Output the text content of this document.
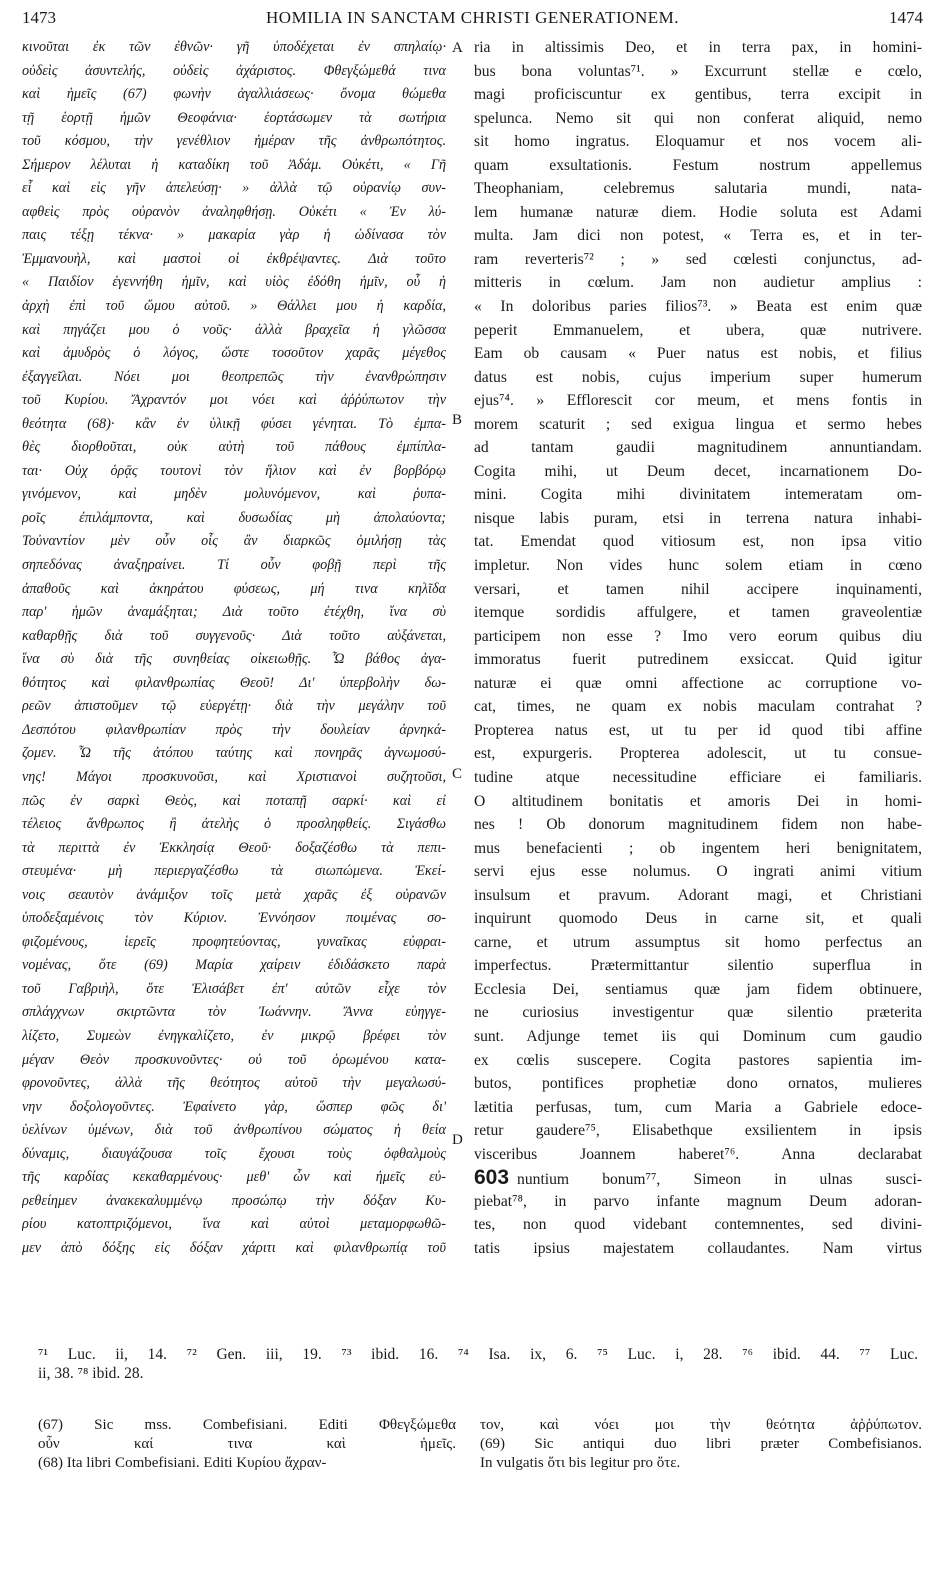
1473	HOMILIA IN SANCTAM CHRISTI GENERATIONEM.	1474
κινοῦται ἐκ τῶν ἐθνῶν· γῆ ὑποδέχεται ἐν σπηλαίῳ·
οὐδεὶς ἀσυντελής, οὐδεὶς ἀχάριστος. Φθεγξώμεθά τινα
καὶ ἡμεῖς (67) φωνὴν ἀγαλλιάσεως· ὄνομα θώμεθα
τῇ ἑορτῇ ἡμῶν Θεοφάνια· ἑορτάσωμεν τὰ σωτήρια
τοῦ κόσμου, τὴν γενέθλιον ἡμέραν τῆς ἀνθρωπότητος.
Σήμερον λέλυται ἡ καταδίκη τοῦ Ἀδάμ. Οὐκέτι, « Γῆ
εἶ καὶ εἰς γῆν ἀπελεύσῃ· » ἀλλὰ τῷ οὐρανίῳ συν-
αφθεὶς πρὸς οὐρανὸν ἀναληφθήσῃ. Οὐκέτι « Ἐν λύ-
παις τέξῃ τέκνα· » μακαρία γὰρ ἡ ὠδίνασα τὸν
Ἐμμανουὴλ, καὶ μαστοὶ οἱ ἐκθρέψαντες. Διὰ τοῦτο
« Παιδίον ἐγεννήθη ἡμῖν, καὶ υἱὸς ἐδόθη ἡμῖν, οὗ ἡ
ἀρχὴ ἐπὶ τοῦ ὤμου αὐτοῦ. » Θάλλει μου ἡ καρδία,
καὶ πηγάζει μου ὁ νοῦς· ἀλλὰ βραχεῖα ἡ γλῶσσα
καὶ ἀμυδρὸς ὁ λόγος, ὥστε τοσοῦτον χαρᾶς μέγεθος
ἐξαγγεῖλαι. Νόει μοι θεοπρεπῶς τὴν ἐνανθρώπησιν
τοῦ Κυρίου. Ἄχραντόν μοι νόει καὶ ἀῤῥύπωτον τὴν
θεότητα (68)· κἂν ἐν ὑλικῇ φύσει γένηται. Τὸ ἐμπα-
θὲς διορθοῦται, οὐκ αὐτὴ τοῦ πάθους ἐμπίπλα-
ται· Οὐχ ὁρᾷς τουτονὶ τὸν ἥλιον καὶ ἐν βορβόρῳ
γινόμενον, καὶ μηδὲν μολυνόμενον, καὶ ῥυπα-
ροῖς ἐπιλάμποντα, καὶ δυσωδίας μὴ ἀπολαύοντα;
Τοὐναντίον μὲν οὖν οἷς ἂν διαρκῶς ὁμιλήσῃ τὰς
σηπεδόνας ἀναξηραίνει. Τί οὖν φοβῇ περὶ τῆς
ἀπαθοῦς καὶ ἀκηράτου φύσεως, μή τινα κηλῖδα
παρ' ἡμῶν ἀναμάξηται; Διὰ τοῦτο ἐτέχθη, ἵνα σὺ
καθαρθῇς διὰ τοῦ συγγενοῦς· Διὰ τοῦτο αὐξάνεται,
ἵνα σὺ διὰ τῆς συνηθείας οἰκειωθῇς. Ὦ βάθος ἀγα-
θότητος καὶ φιλανθρωπίας Θεοῦ! Δι' ὑπερβολὴν δω-
ρεῶν ἀπιστοῦμεν τῷ εὐεργέτῃ· διὰ τὴν μεγάλην τοῦ
Δεσπότου φιλανθρωπίαν πρὸς τὴν δουλείαν ἀρνηκά-
ζομεν. Ὦ τῆς ἀτόπου ταύτης καὶ πονηρᾶς ἀγνωμοσύ-
νης! Μάγοι προσκυνοῦσι, καὶ Χριστιανοὶ συζητοῦσι,
πῶς ἐν σαρκὶ Θεὸς, καὶ ποταπῇ σαρκί· καὶ εἰ
τέλειος ἄνθρωπος ἢ ἀτελὴς ὁ προσληφθείς. Σιγάσθω
τὰ περιττὰ ἐν Ἐκκλησίᾳ Θεοῦ· δοξαζέσθω τὰ πεπι-
στευμένα· μὴ περιεργαζέσθω τὰ σιωπώμενα. Ἐκεί-
νοις σεαυτὸν ἀνάμιξον τοῖς μετὰ χαρᾶς ἐξ οὐρανῶν
ὑποδεξαμένοις τὸν Κύριον. Ἐννόησον ποιμένας σο-
φιζομένους, ἱερεῖς προφητεύοντας, γυναῖκας εὐφραι-
νομένας, ὅτε (69) Μαρία χαίρειν ἐδιδάσκετο παρὰ
τοῦ Γαβριὴλ, ὅτε Ἐλισάβετ ἐπ' αὐτῶν εἶχε τὸν
σπλάγχνων σκιρτῶντα τὸν Ἰωάννην. Ἄννα εὐηγγε-
λίζετο, Συμεὼν ἐνηγκαλίζετο, ἐν μικρῷ βρέφει τὸν
μέγαν Θεὸν προσκυνοῦντες· οὐ τοῦ ὁρωμένου κατα-
φρονοῦντες, ἀλλὰ τῆς θεότητος αὐτοῦ τὴν μεγαλωσύ-
νην δοξολογοῦντες. Ἐφαίνετο γὰρ, ὥσπερ φῶς δι'
ὑελίνων ὑμένων, διὰ τοῦ ἀνθρωπίνου σώματος ἡ θεία
δύναμις, διαυγάζουσα τοῖς ἔχουσι τοὺς ὀφθαλμοὺς
τῆς καρδίας κεκαθαρμένους· μεθ' ὧν καὶ ἡμεῖς εὐ-
ρεθείημεν ἀνακεκαλυμμένῳ προσώπῳ τὴν δόξαν Κυ-
ρίου κατοπτριζόμενοι, ἵνα καὶ αὐτοὶ μεταμορφωθῶ-
μεν ἀπὸ δόξης εἰς δόξαν χάριτι καὶ φιλανθρωπίᾳ τοῦ
ria in altissimis Deo, et in terra pax, in homini-
bus bona voluntas⁷¹. » Excurrunt stellæ e cœlo,
magi proficiscuntur ex gentibus, terra excipit in
spelunca. Nemo sit qui non conferat aliquid, nemo
sit homo ingratus. Eloquamur et nos vocem ali-
quam exsultationis. Festum nostrum appellemus
Theophaniam, celebremus salutaria mundi, nata-
lem humanæ naturæ diem. Hodie soluta est Adami
multa. Jam dici non potest, « Terra es, et in ter-
ram reverteris⁷² ; » sed cœlesti conjunctus, ad-
mitteris in cœlum. Jam non audietur amplius :
« In doloribus paries filios⁷³. » Beata est enim quæ
peperit Emmanuelem, et ubera, quæ nutrivere.
Eam ob causam « Puer natus est nobis, et filius
datus est nobis, cujus imperium super humerum
ejus⁷⁴. » Efflorescit cor meum, et mens fontis in
morem scaturit ; sed exigua lingua et sermo hebes
ad tantam gaudii magnitudinem annuntiandam.
Cogita mihi, ut Deum decet, incarnationem Do-
mini. Cogita mihi divinitatem intemeratam om-
nisque labis puram, etsi in terrena natura inhabi-
tat. Emendat quod vitiosum est, non ipsa vitio
impletur. Non vides hunc solem etiam in cœno
versari, et tamen nihil accipere inquinamenti,
itemque sordidis affulgere, et tamen graveolentiæ
participem non esse ? Imo vero eorum quibus diu
immoratus fuerit putredinem exsiccat. Quid igitur
naturæ ei quæ omni affectione ac corruptione vo-
cat, times, ne quam ex nobis maculam contrahat ?
Propterea natus est, ut tu per id quod tibi affine
est, expurgeris. Propterea adolescit, ut tu consue-
tudine atque necessitudine efficiare ei familiaris.
O altitudinem bonitatis et amoris Dei in homi-
nes ! Ob donorum magnitudinem fidem non habe-
mus benefacienti ; ob ingentem heri benignitatem,
servi ejus esse nolumus. O ingrati animi vitium
insulsum et pravum. Adorant magi, et Christiani
inquirunt quomodo Deus in carne sit, et quali
carne, et utrum assumptus sit homo perfectus an
imperfectus. Prætermittantur silentio superflua in
Ecclesia Dei, sentiamus quæ jam fidem obtinuere,
ne curiosius investigentur quæ silentio præterita
sunt. Adjunge temet iis qui Dominum cum gaudio
ex cœlis suscepere. Cogita pastores sapientia im-
butos, pontifices prophetiæ dono ornatos, mulieres
lætitia perfusas, tum, cum Maria a Gabriele edoce-
retur gaudere⁷⁵, Elisabethque exsilientem in ipsis
visceribus Joannem haberet⁷⁶. Anna declarabat
603 nuntium bonum⁷⁷, Simeon in ulnas susci-
piebat⁷⁸, in parvo infante magnum Deum adoran-
tes, non quod videbant contemnentes, sed divini-
tatis ipsius majestatem collaudantes. Nam virtus
A
B
C
D
⁷¹ Luc. ii, 14. ⁷² Gen. iii, 19. ⁷³ ibid. 16. ⁷⁴ Isa. ix, 6. ⁷⁵ Luc. i, 28. ⁷⁶ ibid. 44. ⁷⁷ Luc.
ii, 38. ⁷⁸ ibid. 28.
(67) Sic mss. Combefisiani. Editi Φθεγξώμεθα
οὖν καί τινα καὶ ἡμεῖς.
(68) Ita libri Combefisiani. Editi Κυρίου ἄχραν-
τον, καὶ νόει μοι τὴν θεότητα ἀῤῥύπωτον.
(69) Sic antiqui duo libri præter Combefisianos.
In vulgatis ὅτι bis legitur pro ὅτε.
